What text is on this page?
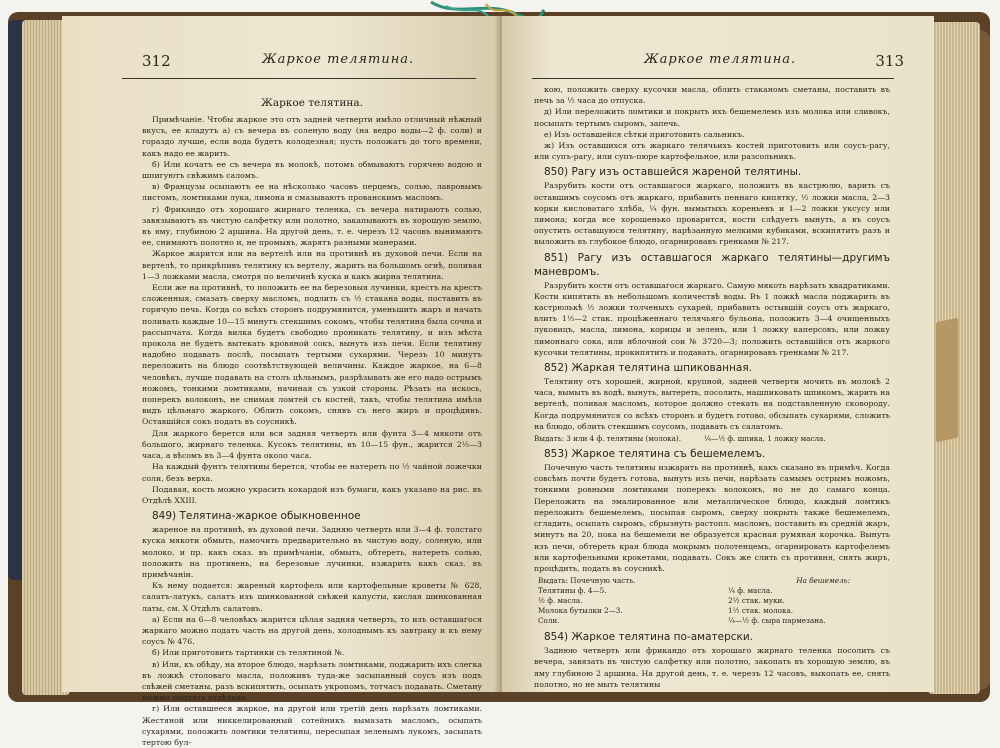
312	Жаркое телятина.

Жаркое телятина.

Примѣчаніе. Чтобы жаркое это отъ задней четверти имѣло отличный нѣжный вкусъ, ее кладутъ а) съ вечера въ соленую воду (на ведро воды—2 ф. соли) и гораздо лучше, если вода будетъ колодезная; пусть положатъ до того времени, какъ надо ее жарить.

б) Или кочатъ ее съ вечера въ молокѣ, потомъ обмываютъ горячею водою и шпигуютъ свѣжимъ саломъ.

в) Французы осыпаютъ ее на нѣсколько часовъ перцемъ, солью, лавровымъ листомъ, ломтиками лука, лимона и смазываютъ прованскимъ масломъ.

г) Фрикандо отъ хорошаго жирнаго теленка, съ вечера натираютъ солью, завязываютъ въ чистую салфетку или полотно, закапываютъ въ хорошую землю, въ яму, глубиною 2 аршина. На другой день, т. е. черезъ 12 часовъ вынимаютъ ее, снимаютъ полотно и, не промывъ, жарятъ разными манерами.

Жаркое жарится или на вертелѣ или на противнѣ въ духовой печи. Если на вертелѣ, то прикрѣпивъ телятину къ вертелу, жарить на большомъ огнѣ, поливая 1—3 ложками масла, смотря по величинѣ куска и какъ жирна телятина.

Если же на противнѣ, то положить ее на березовыя лучинки, крестъ на крестъ сложенныя, смазать сверху масломъ, подлить съ ½ стакана воды, поставить въ горячую печь. Когда со всѣхъ сторонъ подрумянится, уменьшить жаръ и начать поливать каждые 10—15 минутъ стекшимъ сокомъ, чтобы телятина была сочна и рассыпчата. Когда вилка будетъ свободно проникать телятину, и изъ мѣста прокола не будетъ вытекать кровяной сокъ, вынуть изъ печи. Если телятину надобно подавать послѣ, посыпать тертыми сухарями. Черезъ 10 минутъ переложить на блюдо соотвѣтствующей величины. Каждое жаркое, на 6—8 человѣкъ, лучше подавать на столъ цѣльнымъ, разрѣзывать же его надо острымъ ножомъ, тонкими ломтиками, начиная съ узкой стороны. Рѣзать на искось, поперекъ волоконъ, не снимая ломтей съ костей, такъ, чтобы телятина имѣла видъ цѣльнаго жаркого. Облить сокомъ, снявъ съ него жиръ и процѣдивъ. Оставшійся сокъ подать въ соусникѣ.

Для жаркого берется или вся задняя четверть или фунта 3—4 мякоти отъ большого, жирнаго теленка. Кусокъ телятины, въ 10—15 фун., жарится 2½—3 часа, а вѣсомъ въ 3—4 фунта около часа.

На каждый фунтъ телятины берется, чтобы ее натереть по ½ чайной ложечки соли, безъ верха.

Подавая, кость можно украсить кокардой изъ бумаги, какъ указано на рис. въ Отдѣлѣ XXIII.

849) Телятина-жаркое обыкновенное

жареное на противнѣ, въ духовой печи. Задняю четверть или 3—4 ф. толстаго куска мякоти обмыть, намочить предварительно въ чистую воду, соленую, или молоко, и пр. какъ сказ. въ примѣчаніи, обмыть, обтереть, натереть солью, положить на противень, на березовые лучинки, изжарить какъ сказ. въ примѣчаніи.

Къ нему подается: жареный картофель или картофельные кроветы № 628, салатъ-латукъ, салатъ изъ шинкованной свѣжей капусты, кислая шинкованная латы, см. X Отдѣлъ салатовъ.

а) Если на 6—8 человѣкъ жарится цѣлая задняя четверть, то изъ оставшагося жаркаго можно подать часть на другой день, холоднымъ къ завтраку и къ нему соусъ № 476.

б) Или приготовить тартинки съ телятиной №.

в) Или, къ обѣду, на второе блюдо, нарѣзать ломтиками, поджарить ихъ слегка въ ложкѣ столоваго масла, положивъ туда-же засыпанный соусъ изъ подъ свѣжей сметаны, разъ вскипятить, осыпать укропомъ, тотчасъ подавать. Сметану можно подлить отдѣльно.

г) Или оставшееся жаркое, на другой или третій день нарѣзать ломтиками. Жестяной или никкелированный сотейникъ вымазать масломъ, осыпать сухарями, положить ломтики телятины, пересыпая зеленымъ лукомъ, засыпать тертою бул-

Жаркое телятина.	313

кою, положить сверху кусочки масла, облить стаканомъ сметаны, поставить въ печь за ½ часа до отпуска.

д) Или переложить ломтики и покрыть ихъ бешемелемъ изъ молока или сливокъ, посыпать тертымъ сыромъ, запечь.

е) Изъ оставшейся сѣтки приготовить сальникъ.

ж) Изъ оставшихся отъ жаркаго телячьихъ костей приготовить или соусъ-рагу, или супъ-рагу, или супъ-пюре картофельное, или разсольникъ.

850) Рагу изъ оставшейся жареной телятины.

Разрубить кости отъ оставшагося жаркаго, положить въ кастрюлю, варить съ оставшимъ соусомъ отъ жаркаго, прибавить пеннаго кипятку, ½ ложки масла, 2—3 корки кисловатаго хлѣба, ¼ фун. вымытыхъ кореньевъ и 1—2 ложки уксусу или лимона; когда все хорошенько проварится, кости слѣдуетъ вынуть, а въ соусъ опустить оставшуюся телятину, нарѣзанную мелкими кубиками, вскипятить разъ и выложить въ глубокое блюдо, огарнировавъ гренками № 217.

851) Рагу изъ оставшагося жаркаго телятины—другимъ маневромъ.

Разрубить кости отъ оставшагося жаркаго. Самую мякоть нарѣзать квадратиками. Кости кипятить въ небольшомъ количествѣ воды. Въ 1 ложкѣ масла поджарить въ кастрюлькѣ ½ ложки толченыхъ сухарей, прибавить остывшій соусъ отъ жаркаго, влить 1½—2 стак. процѣженнаго телячьяго бульона, положить 3—4 очищенныхъ луковицъ, масла, лимона, корицы и зеленъ, или 1 ложку каперсовъ, или ложку лимоннаго сока, или яблочной сои № 3720—3; положить оставшійся отъ жаркого кусочки телятины, прокипятить и подавать, огарнировавъ гренками № 217.

852) Жаркая телятина шпикованная.

Телятину отъ хорошей, жирной, крупной, задней четверти мочить въ молокѣ 2 часа, вымыть въ водѣ, вынуть, вытереть, посолить, нашпиковать шпикомъ, жарить на вертелѣ, поливая масломъ, которое должно стекать на подставленную сковороду. Когда подрумянится со всѣхъ сторонъ и будетъ готово, обсыпать сухарями, сложить на блюдо, облить стекшимъ соусомъ, подавать съ салатомъ.

Выдать: 3 или 4 ф. телятины (молока).	¼—½ ф. шпика, 1 ложку масла.

853) Жаркое телятина съ бешемелемъ.

Почечную часть телятины изжарить на противнѣ, какъ сказано въ примѣч. Когда совсѣмъ почти будетъ готова, вынуть изъ печи, нарѣзать самымъ острымъ ножомъ, тонкими ровными ломтиками поперекъ волоконъ, но не до самаго конца. Переложить на эмалированное или металлическое блюдо, каждый ломтикъ переложить бешемелемъ, посыпая сыромъ, сверху покрыть также бешемелемъ, сгладить, осыпать сыромъ, сбрызнуть растопл. масломъ, поставить въ средній жаръ, минутъ на 20, пока на бешемели не образуется красная румяная корочка. Вынуть изъ печи, обтереть края блюда мокрымъ полотенцемъ, огарнировать картофелемъ или картофельными крокетами, подавать. Сокъ же слить съ противня, снять жиръ, процѣдить, подать въ соусникѣ.

Выдать: Почечную часть.
Телятины ф. 4—5.
½ ф. масла.
Молока бутылки 2—3.
Соли.
На бешемель:
¼ ф. масла.
2½ стак. муки.
1½ стак. молока.
¼—½ ф. сыра пармезана.

854) Жаркое телятина по-аматерски.

Заднюю четверть или фрикандо отъ хорошаго жирнаго теленка посолить съ вечера, завязать въ чистую салфетку или полотно, закопать въ хорошую землю, въ яму глубиною 2 аршина. На другой день, т. е. черезъ 12 часовъ, выкопать ее, снять полотно, но не мыть телятины
